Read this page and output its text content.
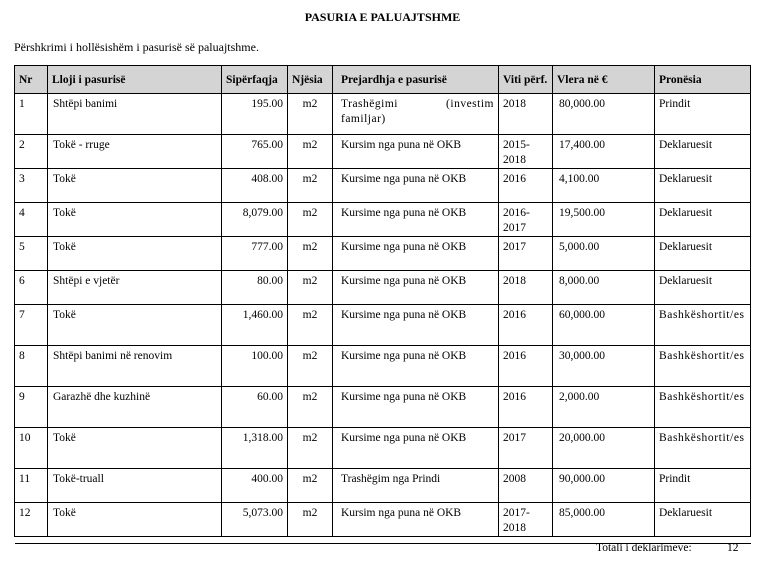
PASURIA E PALUAJTSHME
Përshkrimi i hollësishëm i pasurisë së paluajtshme.
Nr	Lloji i pasurisë	Sipërfaqja	Njësia	Prejardhja e pasurisë	Viti përf.	Vlera në €	Pronësia
1	Shtëpi banimi	195.00	m2	Trashëgimi (investim familjar)	2018	80,000.00	Prindit
2	Tokë - rruge	765.00	m2	Kursim nga puna në OKB	2015-2018	17,400.00	Deklaruesit
3	Tokë	408.00	m2	Kursime nga puna në OKB	2016	4,100.00	Deklaruesit
4	Tokë	8,079.00	m2	Kursime nga puna në OKB	2016-2017	19,500.00	Deklaruesit
5	Tokë	777.00	m2	Kursime nga puna në OKB	2017	5,000.00	Deklaruesit
6	Shtëpi e vjetër	80.00	m2	Kursime nga puna në OKB	2018	8,000.00	Deklaruesit
7	Tokë	1,460.00	m2	Kursime nga puna në OKB	2016	60,000.00	Bashkëshortit/es
8	Shtëpi banimi në renovim	100.00	m2	Kursime nga puna në OKB	2016	30,000.00	Bashkëshortit/es
9	Garazhë dhe kuzhinë	60.00	m2	Kursime nga puna në OKB	2016	2,000.00	Bashkëshortit/es
10	Tokë	1,318.00	m2	Kursime nga puna në OKB	2017	20,000.00	Bashkëshortit/es
11	Tokë-truall	400.00	m2	Trashëgim nga Prindi	2008	90,000.00	Prindit
12	Tokë	5,073.00	m2	Kursim nga puna në OKB	2017-2018	85,000.00	Deklaruesit

Totali i deklarimeve:	12
